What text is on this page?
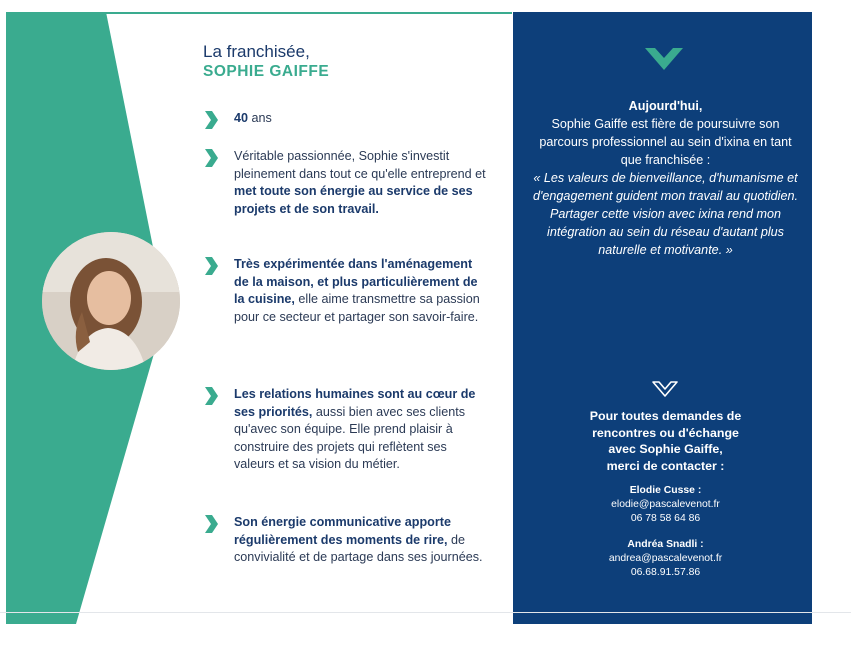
La franchisée,
SOPHIE GAIFFE
40 ans
Véritable passionnée, Sophie s'investit pleinement dans tout ce qu'elle entreprend et met toute son énergie au service de ses projets et de son travail.
Très expérimentée dans l'aménagement de la maison, et plus particulièrement de la cuisine, elle aime transmettre sa passion pour ce secteur et partager son savoir-faire.
Les relations humaines sont au cœur de ses priorités, aussi bien avec ses clients qu'avec son équipe. Elle prend plaisir à construire des projets qui reflètent ses valeurs et sa vision du métier.
Son énergie communicative apporte régulièrement des moments de rire, de convivialité et de partage dans ses journées.
Aujourd'hui,
Sophie Gaiffe est fière de poursuivre son parcours professionnel au sein d'ixina en tant que franchisée :
« Les valeurs de bienveillance, d'humanisme et d'engagement guident mon travail au quotidien. Partager cette vision avec ixina rend mon intégration au sein du réseau d'autant plus naturelle et motivante. »
Pour toutes demandes de
rencontres ou d'échange
avec Sophie Gaiffe,
merci de contacter :
Elodie Cusse :
elodie@pascalevenot.fr
06 78 58 64 86
Andréa Snadli :
andrea@pascalevenot.fr
06.68.91.57.86
